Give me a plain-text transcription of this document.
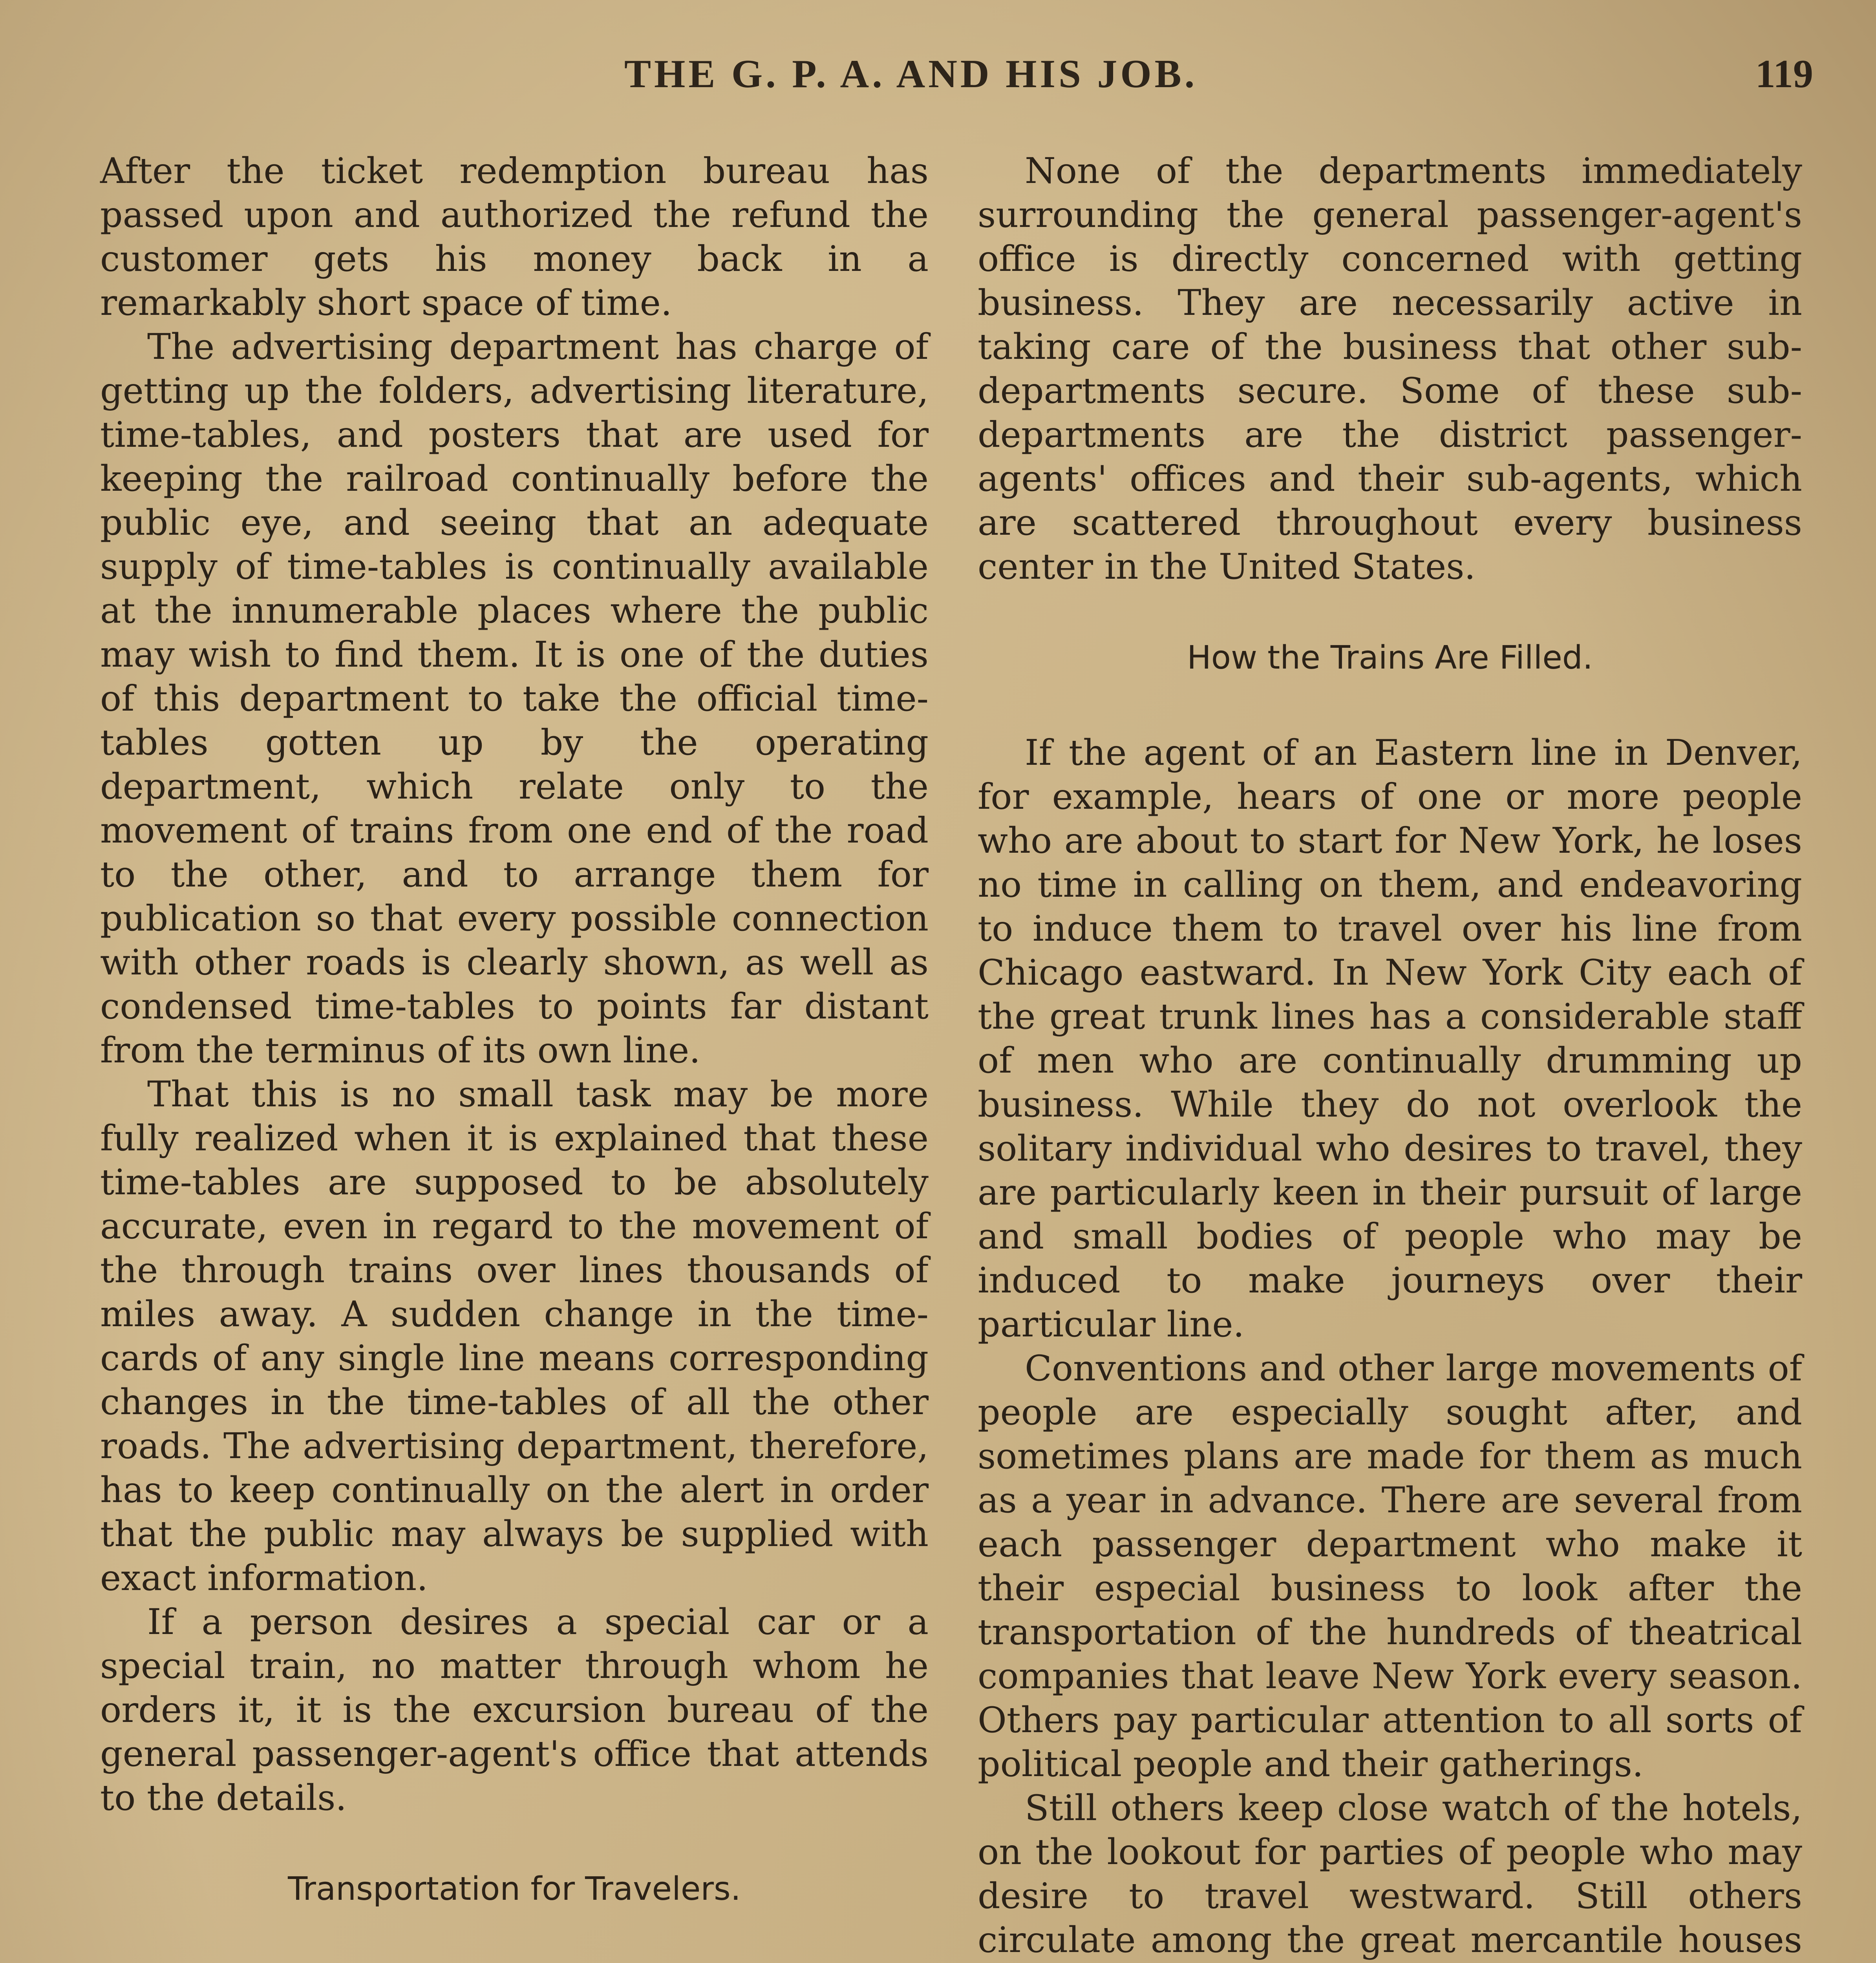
THE G. P. A. AND HIS JOB.	119

After the ticket redemption bureau has passed upon and authorized the refund the customer gets his money back in a remarkably short space of time.

The advertising department has charge of getting up the folders, advertising literature, time-tables, and posters that are used for keeping the railroad continually before the public eye, and seeing that an adequate supply of time-tables is continually available at the innumerable places where the public may wish to find them. It is one of the duties of this department to take the official time-tables gotten up by the operating department, which relate only to the movement of trains from one end of the road to the other, and to arrange them for publication so that every possible connection with other roads is clearly shown, as well as condensed time-tables to points far distant from the terminus of its own line.

That this is no small task may be more fully realized when it is explained that these time-tables are supposed to be absolutely accurate, even in regard to the movement of the through trains over lines thousands of miles away. A sudden change in the time-cards of any single line means corresponding changes in the time-tables of all the other roads. The advertising department, therefore, has to keep continually on the alert in order that the public may always be supplied with exact information.

If a person desires a special car or a special train, no matter through whom he orders it, it is the excursion bureau of the general passenger-agent's office that attends to the details.

Transportation for Travelers.

None of the departments immediately surrounding the general passenger-agent's office is directly concerned with getting business. They are necessarily active in taking care of the business that other sub-departments secure. Some of these sub-departments are the district passenger-agents' offices and their sub-agents, which are scattered throughout every business center in the United States.

How the Trains Are Filled.

If the agent of an Eastern line in Denver, for example, hears of one or more people who are about to start for New York, he loses no time in calling on them, and endeavoring to induce them to travel over his line from Chicago eastward. In New York City each of the great trunk lines has a considerable staff of men who are continually drumming up business. While they do not overlook the solitary individual who desires to travel, they are particularly keen in their pursuit of large and small bodies of people who may be induced to make journeys over their particular line.

Conventions and other large movements of people are especially sought after, and sometimes plans are made for them as much as a year in advance. There are several from each passenger department who make it their especial business to look after the transportation of the hundreds of theatrical companies that leave New York every season. Others pay particular attention to all sorts of political people and their gatherings.

Still others keep close watch of the hotels, on the lookout for parties of people who may desire to travel westward. Still others circulate among the great mercantile houses
